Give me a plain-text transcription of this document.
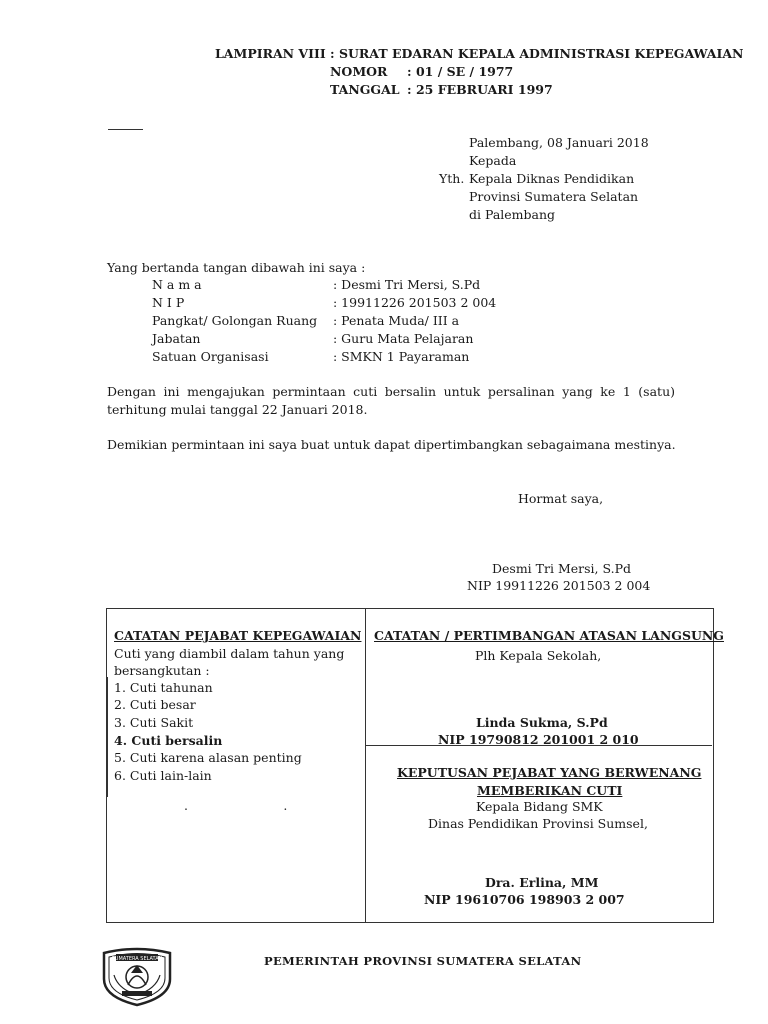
LAMPIRAN VIII : SURAT EDARAN KEPALA ADMINISTRASI KEPEGAWAIAN
NOMOR : 01 / SE / 1977
TANGGAL : 25 FEBRUARI 1997
Palembang, 08 Januari 2018
Kepada
Yth. Kepala Diknas Pendidikan
Provinsi Sumatera Selatan
di Palembang
Yang bertanda tangan dibawah ini saya :
N a m a	: Desmi Tri Mersi, S.Pd
N I P	: 19911226 201503 2 004
Pangkat/ Golongan Ruang : Penata Muda/ III a
Jabatan	: Guru Mata Pelajaran
Satuan Organisasi	: SMKN 1 Payaraman
Dengan ini mengajukan permintaan cuti bersalin untuk persalinan yang ke 1 (satu)
terhitung mulai tanggal 22 Januari 2018.
Demikian permintaan ini saya buat untuk dapat dipertimbangkan sebagaimana mestinya.
Hormat saya,
Desmi Tri Mersi, S.Pd
NIP 19911226 201503 2 004
CATATAN PEJABAT KEPEGAWAIAN
Cuti yang diambil dalam tahun yang
bersangkutan :
1. Cuti tahunan
2. Cuti besar
3. Cuti Sakit
4. Cuti bersalin
5. Cuti karena alasan penting
6. Cuti lain-lain
.                        .
CATATAN / PERTIMBANGAN ATASAN LANGSUNG
Plh Kepala Sekolah,
Linda Sukma, S.Pd
NIP 19790812 201001 2 010
KEPUTUSAN PEJABAT YANG BERWENANG
MEMBERIKAN CUTI
Kepala Bidang SMK
Dinas Pendidikan Provinsi Sumsel,
Dra. Erlina, MM
NIP 19610706 198903 2 007
SUMATERA SELATAN	PEMERINTAH PROVINSI SUMATERA SELATAN
